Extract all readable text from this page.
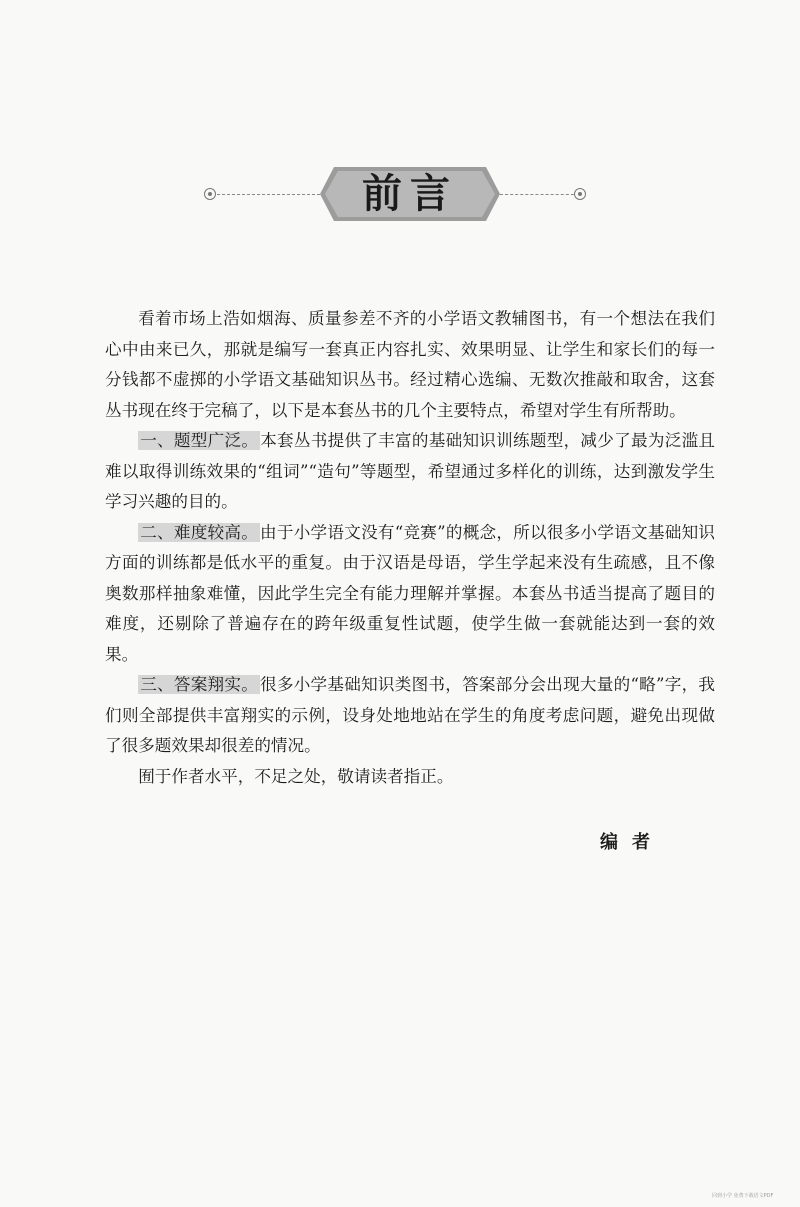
前言

看着市场上浩如烟海、质量参差不齐的小学语文教辅图书，有一个想法在我们心中由来已久，那就是编写一套真正内容扎实、效果明显、让学生和家长们的每一分钱都不虚掷的小学语文基础知识丛书。经过精心选编、无数次推敲和取舍，这套丛书现在终于完稿了，以下是本套丛书的几个主要特点，希望对学生有所帮助。

一、题型广泛。 本套丛书提供了丰富的基础知识训练题型，减少了最为泛滥且难以取得训练效果的“组词”“造句”等题型，希望通过多样化的训练，达到激发学生学习兴趣的目的。

二、难度较高。 由于小学语文没有“竞赛”的概念，所以很多小学语文基础知识方面的训练都是低水平的重复。由于汉语是母语，学生学起来没有生疏感，且不像奥数那样抽象难懂，因此学生完全有能力理解并掌握。本套丛书适当提高了题目的难度，还剔除了普遍存在的跨年级重复性试题，使学生做一套就能达到一套的效果。

三、答案翔实。 很多小学基础知识类图书，答案部分会出现大量的“略”字，我们则全部提供丰富翔实的示例，设身处地地站在学生的角度考虑问题，避免出现做了很多题效果却很差的情况。

囿于作者水平，不足之处，敬请读者指正。

编者
回到小学 免费下载语文PDF
